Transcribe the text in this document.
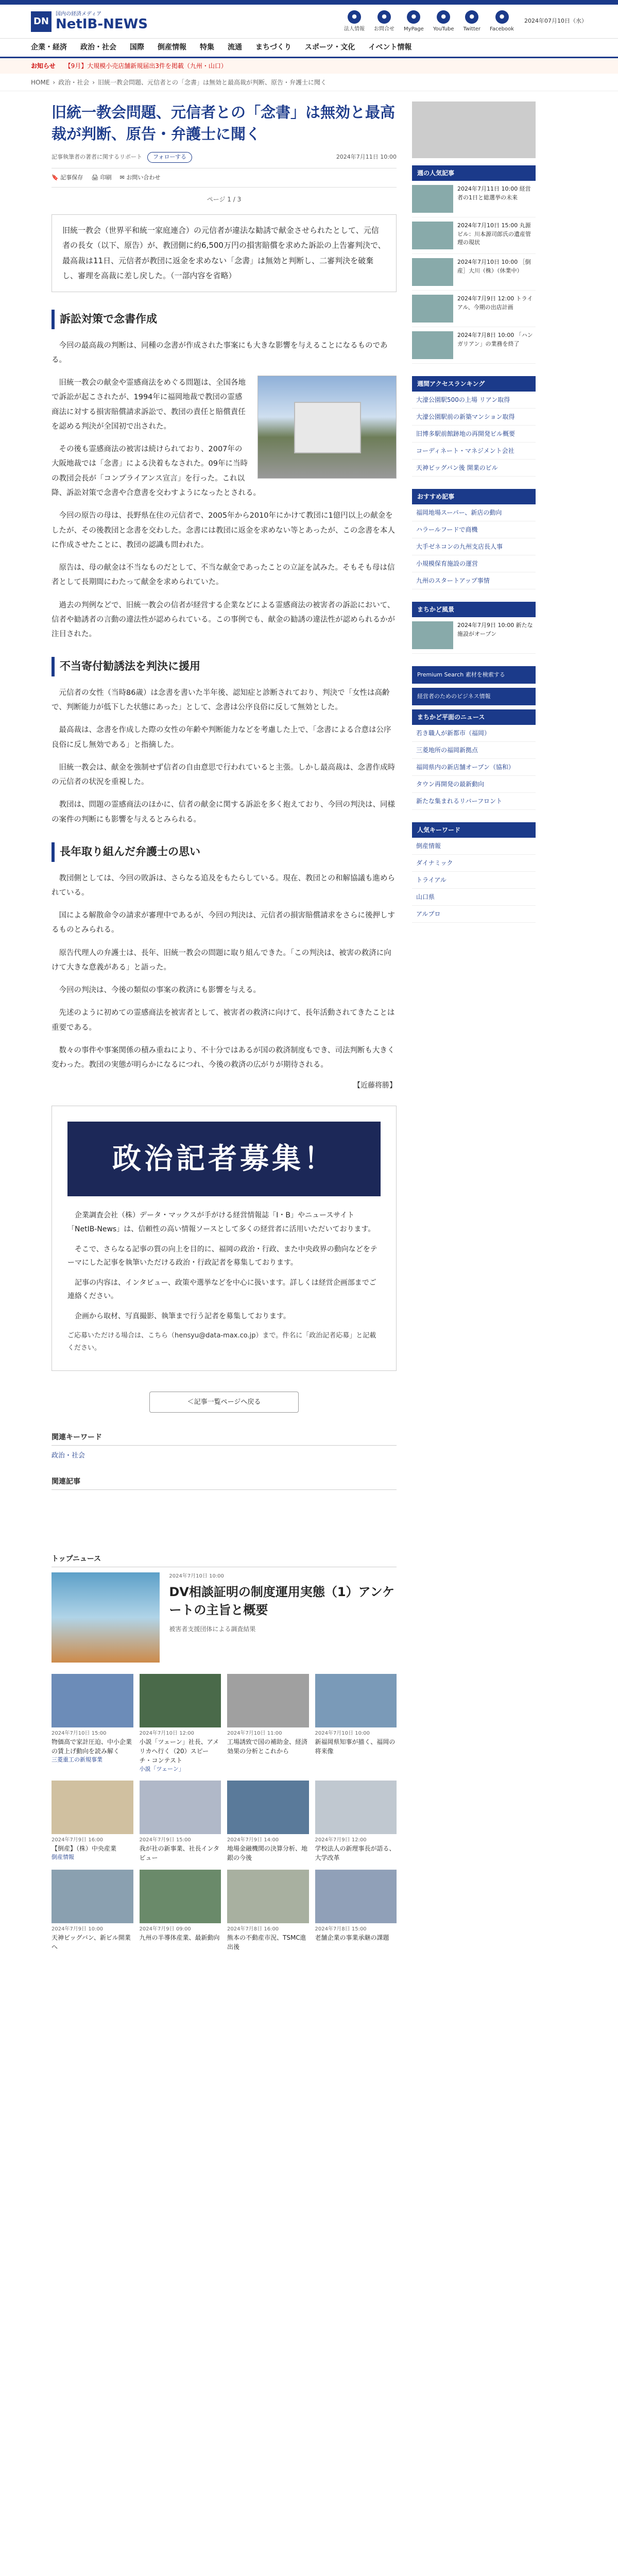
DN
国内の経済メディア
NetIB-NEWS	●
法人情報
●
お問合せ
●
MyPage
●
YouTube
●
Twitter
●
Facebook
2024年07月10日（水）
企業・経済 政治・社会 国際 倒産情報 特集 流通 まちづくり スポーツ・文化 イベント情報
お知らせ 【9月】大規模小売店舗新規届出3件を掲載（九州・山口）
HOME › 政治・社会 › 旧統一教会問題、元信者との「念書」は無効と最高裁が判断、原告・弁護士に聞く
旧統一教会問題、元信者との「念書」は無効と最高裁が判断、原告・弁護士に聞く
記事執筆者の著者に関するリポート	フォローする	2024年7月11日 10:00
🔖 記事保存 🖨 印刷 ✉ お問い合わせ
ページ 1 / 3
旧統一教会（世界平和統一家庭連合）の元信者が違法な勧誘で献金させられたとして、元信者の長女（以下、原告）が、教団側に約6,500万円の損害賠償を求めた訴訟の上告審判決で、最高裁は11日、元信者が教団に返金を求めない「念書」は無効と判断し、二審判決を破棄し、審理を高裁に差し戻した。（一部内容を省略）
訴訟対策で念書作成

今回の最高裁の判断は、同種の念書が作成された事案にも大きな影響を与えることになるものである。

旧統一教会の献金や霊感商法をめぐる問題は、全国各地で訴訟が起こされたが、1994年に福岡地裁で教団の霊感商法に対する損害賠償請求訴訟で、教団の責任と賠償責任を認める判決が全国初で出された。

その後も霊感商法の被害は続けられており、2007年の大阪地裁では「念書」による決着もなされた。09年に当時の教団会長が「コンプライアンス宣言」を行った。これ以降、訴訟対策で念書や合意書を交わすようになったとされる。

今回の原告の母は、長野県在住の元信者で、2005年から2010年にかけて教団に1億円以上の献金をしたが、その後教団と念書を交わした。念書には教団に返金を求めない等とあったが、この念書を本人に作成させたことに、教団の認識も問われた。

原告は、母の献金は不当なものだとして、不当な献金であったことの立証を試みた。そもそも母は信者として長期間にわたって献金を求められていた。

過去の判例などで、旧統一教会の信者が経営する企業などによる霊感商法の被害者の訴訟において、信者や勧誘者の言動の違法性が認められている。この事例でも、献金の勧誘の違法性が認められるかが注目された。

不当寄付勧誘法を判決に援用

元信者の女性（当時86歳）は念書を書いた半年後、認知症と診断されており、判決で「女性は高齢で、判断能力が低下した状態にあった」として、念書は公序良俗に反して無効とした。

最高裁は、念書を作成した際の女性の年齢や判断能力などを考慮した上で、「念書による合意は公序良俗に反し無効である」と指摘した。

旧統一教会は、献金を強制せず信者の自由意思で行われていると主張。しかし最高裁は、念書作成時の元信者の状況を重視した。

教団は、問題の霊感商法のほかに、信者の献金に関する訴訟を多く抱えており、今回の判決は、同様の案件の判断にも影響を与えるとみられる。

長年取り組んだ弁護士の思い

教団側としては、今回の敗訴は、さらなる追及をもたらしている。現在、教団との和解協議も進められている。

国による解散命令の請求が審理中であるが、今回の判決は、元信者の損害賠償請求をさらに後押しするものとみられる。

原告代理人の弁護士は、長年、旧統一教会の問題に取り組んできた。「この判決は、被害の救済に向けて大きな意義がある」と語った。

今回の判決は、今後の類似の事案の救済にも影響を与える。

先述のように初めての霊感商法を被害者として、被害者の救済に向けて、長年活動されてきたことは重要である。

数々の事件や事案関係の積み重ねにより、不十分ではあるが国の救済制度もでき、司法判断も大きく変わった。教団の実態が明らかになるにつれ、今後の救済の広がりが期待される。

【近藤将勝】
政治記者募集！

企業調査会社（株）データ・マックスが手がける経営情報誌「I・B」やニュースサイト「NetIB-News」は、信頼性の高い情報ソースとして多くの経営者に活用いただいております。

そこで、さらなる記事の質の向上を目的に、福岡の政治・行政、また中央政界の動向などをテーマにした記事を執筆いただける政治・行政記者を募集しております。

記事の内容は、インタビュー、政策や選挙などを中心に扱います。詳しくは経営企画部までご連絡ください。

企画から取材、写真撮影、執筆まで行う記者を募集しております。

ご応募いただける場合は、こちら（hensyu@data-max.co.jp）まで。件名に「政治記者応募」と記載ください。
＜記事一覧ページへ戻る
関連キーワード
政治・社会
関連記事
トップニュース
2024年7月10日 10:00
DV相談証明の制度運用実態（1）アンケートの主旨と概要
被害者支援団体による調査結果
2024年7月10日 15:00
物価高で家計圧迫、中小企業の賃上げ動向を読み解く
三菱重工の新規事業
2024年7月10日 12:00
小説「ツェーン」社長、アメリカへ行く（20）スピーチ・コンテスト
小説「ツェーン」
2024年7月10日 11:00
工場誘致で国の補助金、経済効果の分析とこれから
2024年7月10日 10:00
新福岡県知事が描く、福岡の将来像
2024年7月9日 16:00
【倒産】（株）中央産業
倒産情報
2024年7月9日 15:00
我が社の新事業、社長インタビュー
2024年7月9日 14:00
地場金融機関の決算分析、地銀の今後
2024年7月9日 12:00
学校法人の新理事長が語る、大学改革
2024年7月9日 10:00
天神ビッグバン、新ビル開業へ
2024年7月9日 09:00
九州の半導体産業、最新動向
2024年7月8日 16:00
熊本の不動産市況、TSMC進出後
2024年7月8日 15:00
老舗企業の事業承継の課題
週の人気記事
2024年7月11日 10:00 経営者の1日と総選挙の未来
2024年7月10日 15:00 丸源ビル：川本源司郎氏の遺産管理の現状
2024年7月10日 10:00 ［倒産］大川（株）（休業中）
2024年7月9日 12:00 トライアル、今期の出店計画
2024年7月8日 10:00 「ハンガリアン」の業務を終了
週間アクセスランキング
大濠公園駅500の上場 リアン取得
大濠公園駅前の新築マンション取得
旧博多駅前館跡地の再開発ビル概要
コーディネート・マネジメント会社
天神ビッグバン後 開業のビル
おすすめ記事
福岡地場スーパー、新店の動向
ハラールフードで商機
大手ゼネコンの九州支店長人事
小規模保育施設の運営
九州のスタートアップ事情
まちかど風景
2024年7月9日 10:00 新たな施設がオープン
Premium Search 素材を検索する
経営者のためのビジネス情報
まちかど平面のニュース
若き職人が新都市（福岡）
三菱地所の福岡新拠点
福岡県内の新店舗オープン（協和）
タウン再開発の最新動向
新たな集まれるリバーフロント
人気キーワード
倒産情報
ダイナミック
トライアル
山口県
アルプロ
